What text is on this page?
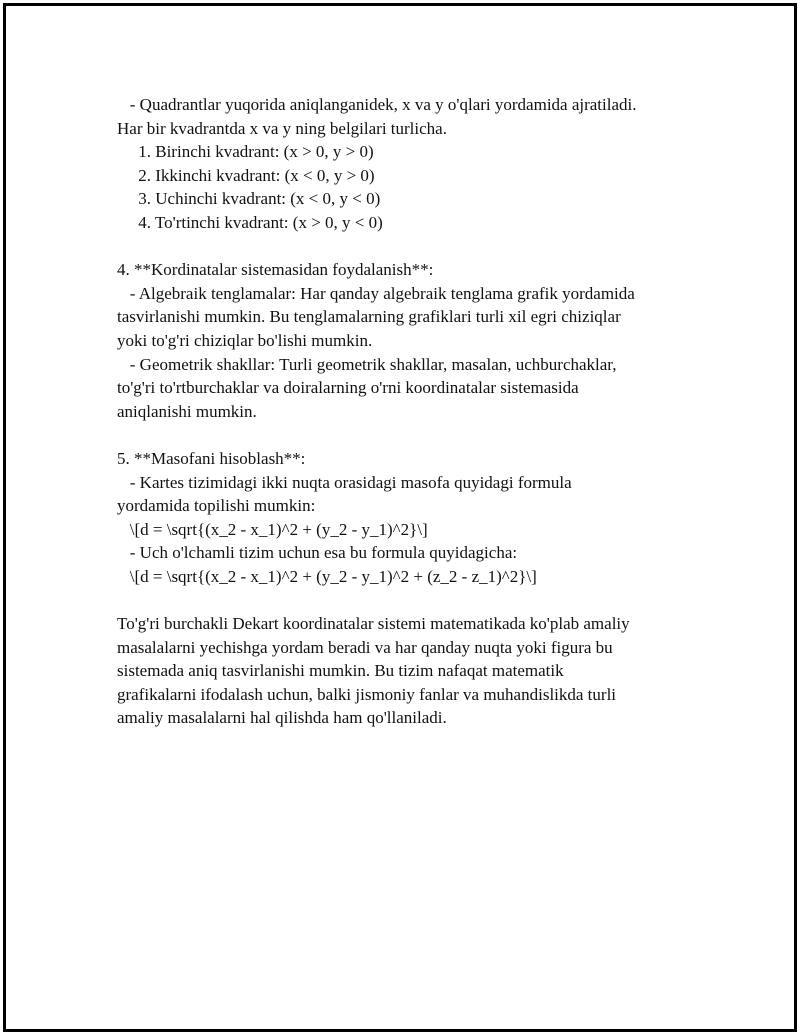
- Quadrantlar yuqorida aniqlanganidek, x va y o'qlari yordamida ajratiladi.
Har bir kvadrantda x va y ning belgilari turlicha.
1. Birinchi kvadrant: (x > 0, y > 0)
2. Ikkinchi kvadrant: (x < 0, y > 0)
3. Uchinchi kvadrant: (x < 0, y < 0)
4. To'rtinchi kvadrant: (x > 0, y < 0)
4. **Kordinatalar sistemasidan foydalanish**:
- Algebraik tenglamalar: Har qanday algebraik tenglama grafik yordamida
tasvirlanishi mumkin. Bu tenglamalarning grafiklari turli xil egri chiziqlar
yoki to'g'ri chiziqlar bo'lishi mumkin.
- Geometrik shakllar: Turli geometrik shakllar, masalan, uchburchaklar,
to'g'ri to'rtburchaklar va doiralarning o'rni koordinatalar sistemasida
aniqlanishi mumkin.
5. **Masofani hisoblash**:
- Kartes tizimidagi ikki nuqta orasidagi masofa quyidagi formula
yordamida topilishi mumkin:
\[d = \sqrt{(x_2 - x_1)^2 + (y_2 - y_1)^2}\]
- Uch o'lchamli tizim uchun esa bu formula quyidagicha:
\[d = \sqrt{(x_2 - x_1)^2 + (y_2 - y_1)^2 + (z_2 - z_1)^2}\]
To'g'ri burchakli Dekart koordinatalar sistemi matematikada ko'plab amaliy
masalalarni yechishga yordam beradi va har qanday nuqta yoki figura bu
sistemada aniq tasvirlanishi mumkin. Bu tizim nafaqat matematik
grafikalarni ifodalash uchun, balki jismoniy fanlar va muhandislikda turli
amaliy masalalarni hal qilishda ham qo'llaniladi.
